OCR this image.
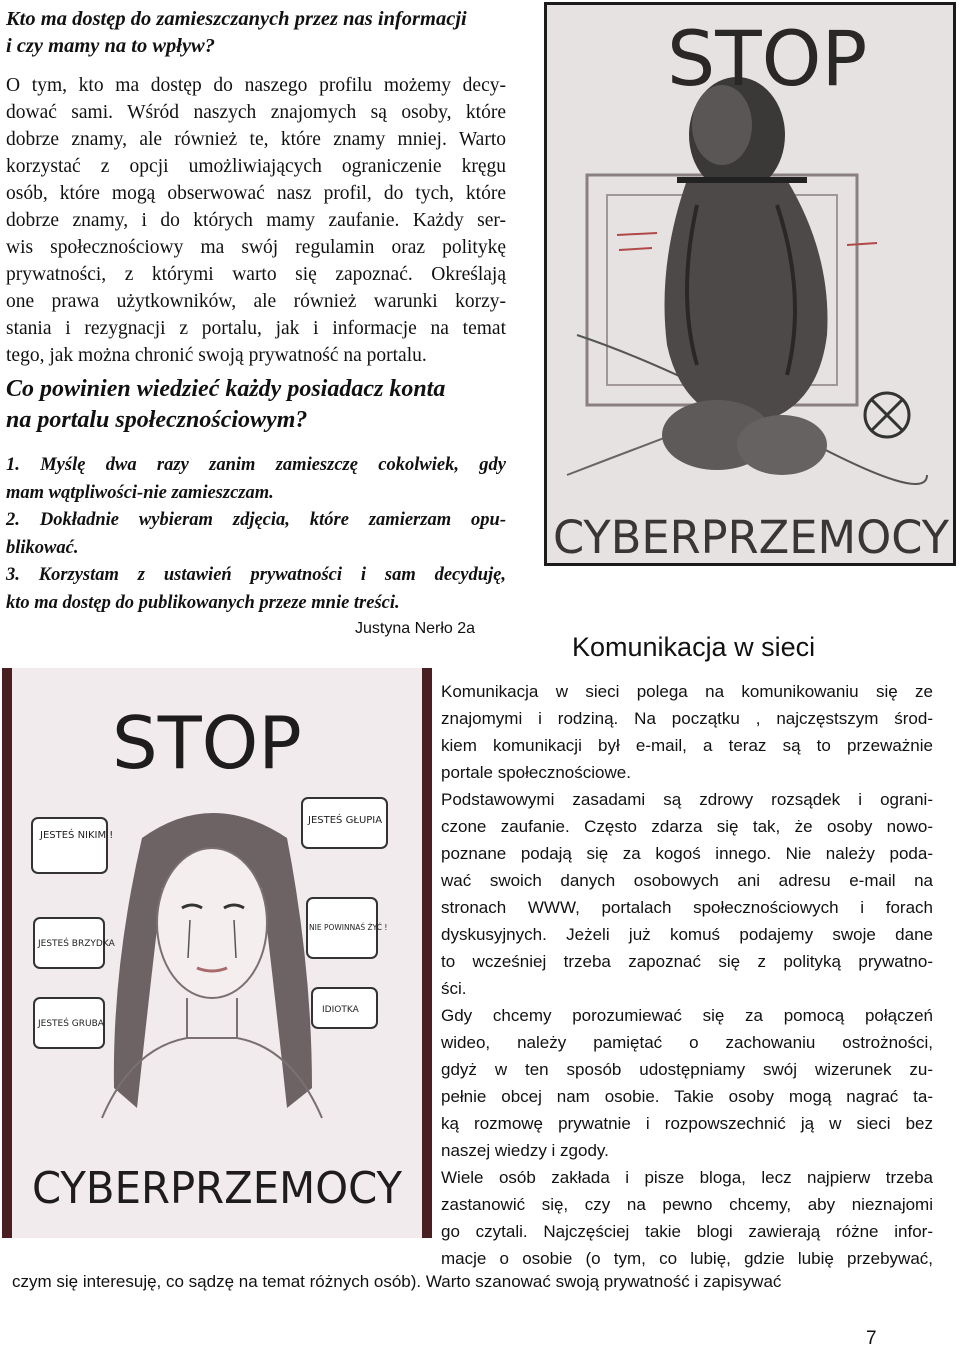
Kto ma dostęp do zamieszczanych przez nas informacji
i czy mamy na to wpływ?
O tym, kto ma dostęp do naszego profilu możemy decy-
dować sami. Wśród naszych znajomych są osoby, które
dobrze znamy, ale również te, które znamy mniej. Warto
korzystać z opcji umożliwiających ograniczenie kręgu
osób, które mogą obserwować nasz profil, do tych, które
dobrze znamy, i do których mamy zaufanie. Każdy ser-
wis społecznościowy ma swój regulamin oraz politykę
prywatności, z którymi warto się zapoznać. Określają
one prawa użytkowników, ale również warunki korzy-
stania i rezygnacji z portalu, jak i informacje na temat
tego, jak można chronić swoją prywatność na portalu.
Co powinien wiedzieć każdy posiadacz konta
na portalu społecznościowym?
1. Myślę dwa razy zanim zamieszczę cokolwiek, gdy
mam wątpliwości-nie zamieszczam.
2. Dokładnie wybieram zdjęcia, które zamierzam opu-
blikować.
3. Korzystam z ustawień prywatności i sam decyduję,
kto ma dostęp do publikowanych przeze mnie treści.
Justyna Nerło 2a
STOP
CYBERPRZEMOCY
STOP
JESTEŚ NIKIM !
JESTEŚ GŁUPIA
JESTEŚ BRZYDKA
NIE POWINNAŚ ŻYĆ !
JESTEŚ GRUBA
IDIOTKA
CYBERPRZEMOCY
Komunikacja w sieci
Komunikacja w sieci polega na komunikowaniu się ze
znajomymi i rodziną. Na początku , najczęstszym środ-
kiem komunikacji był e-mail, a teraz są to przeważnie
portale społecznościowe.
Podstawowymi zasadami są zdrowy rozsądek i ograni-
czone zaufanie. Często zdarza się tak, że osoby nowo-
poznane podają się za kogoś innego. Nie należy poda-
wać swoich danych osobowych ani adresu e-mail na
stronach WWW, portalach społecznościowych i forach
dyskusyjnych. Jeżeli już komuś podajemy swoje dane
to wcześniej trzeba zapoznać się z polityką prywatno-
ści.
Gdy chcemy porozumiewać się za pomocą połączeń
wideo, należy pamiętać o zachowaniu ostrożności,
gdyż w ten sposób udostępniamy swój wizerunek zu-
pełnie obcej nam osobie. Takie osoby mogą nagrać ta-
ką rozmowę prywatnie i rozpowszechnić ją w sieci bez
naszej wiedzy i zgody.
Wiele osób zakłada i pisze bloga, lecz najpierw trzeba
zastanowić się, czy na pewno chcemy, aby nieznajomi
go czytali. Najczęściej takie blogi zawierają różne infor-
macje o osobie (o tym, co lubię, gdzie lubię przebywać,
czym się interesuję, co sądzę na temat różnych osób). Warto szanować swoją prywatność i zapisywać
7
